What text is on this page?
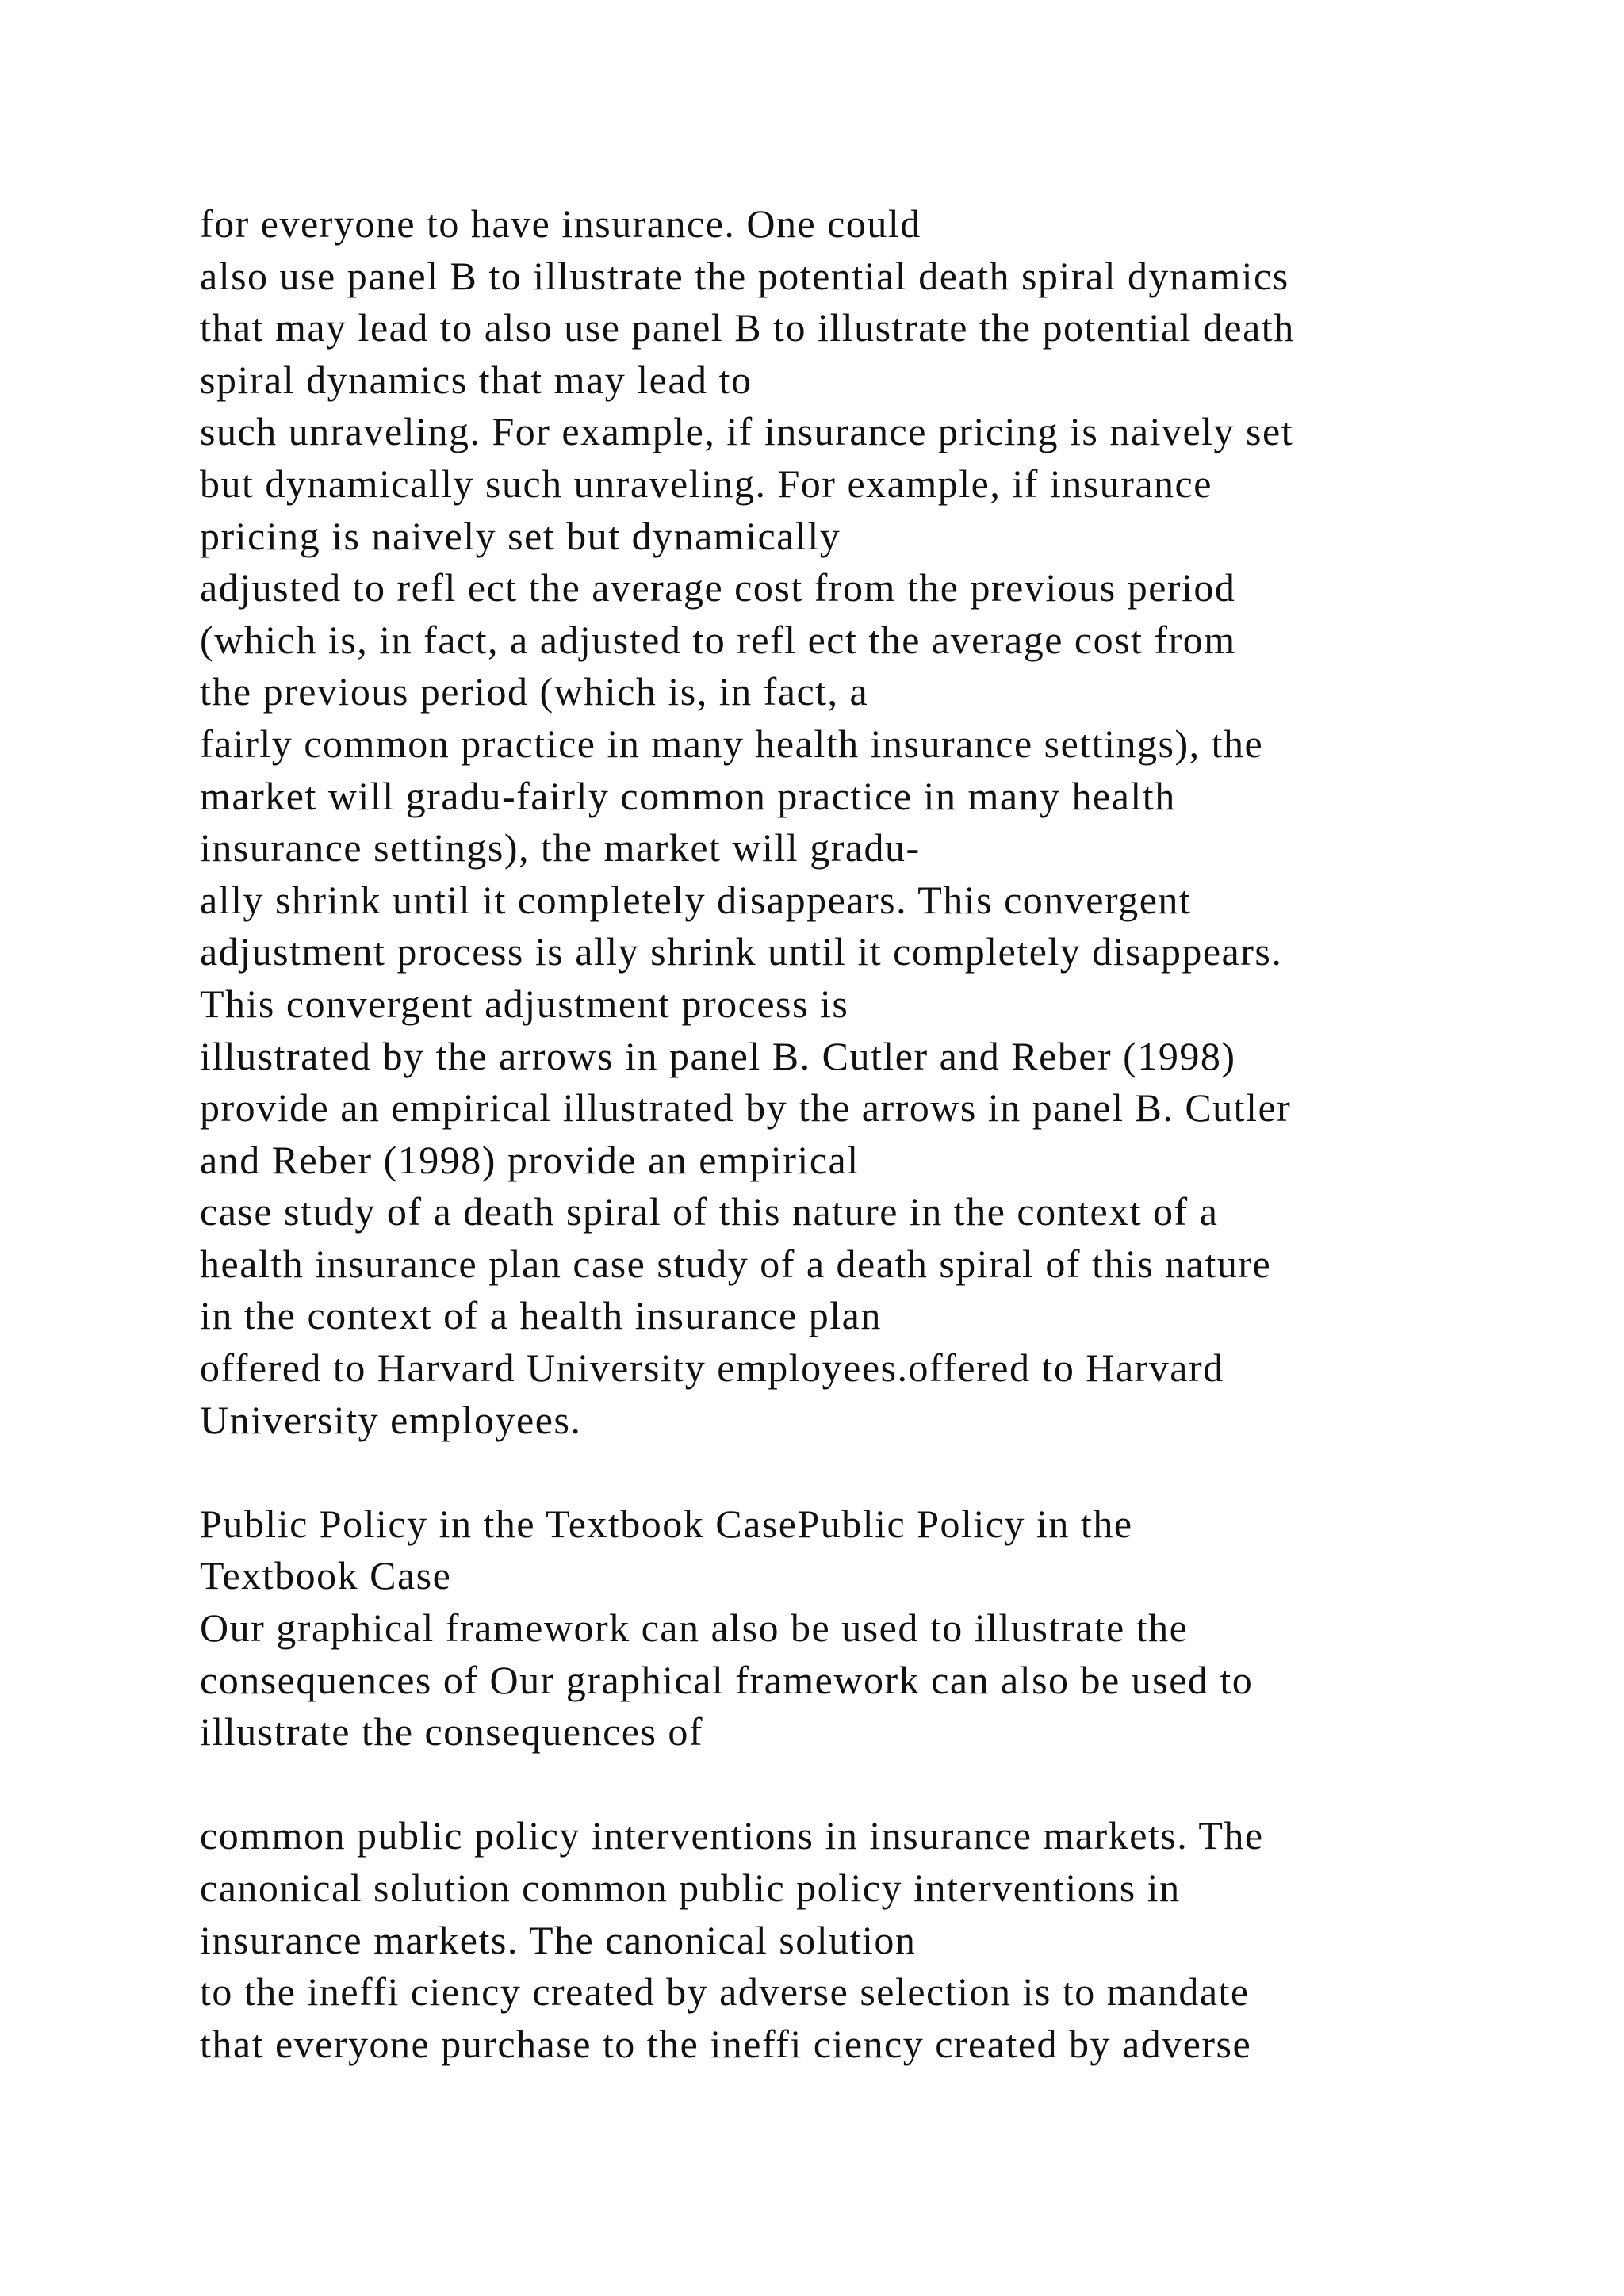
for everyone to have insurance. One could
also use panel B to illustrate the potential death spiral dynamics
that may lead to also use panel B to illustrate the potential death
spiral dynamics that may lead to
such unraveling. For example, if insurance pricing is naively set
but dynamically such unraveling. For example, if insurance
pricing is naively set but dynamically
adjusted to refl ect the average cost from the previous period
(which is, in fact, a adjusted to refl ect the average cost from
the previous period (which is, in fact, a
fairly common practice in many health insurance settings), the
market will gradu-fairly common practice in many health
insurance settings), the market will gradu-
ally shrink until it completely disappears. This convergent
adjustment process is ally shrink until it completely disappears.
This convergent adjustment process is
illustrated by the arrows in panel B. Cutler and Reber (1998)
provide an empirical illustrated by the arrows in panel B. Cutler
and Reber (1998) provide an empirical
case study of a death spiral of this nature in the context of a
health insurance plan case study of a death spiral of this nature
in the context of a health insurance plan
offered to Harvard University employees.offered to Harvard
University employees.
Public Policy in the Textbook CasePublic Policy in the
Textbook Case
Our graphical framework can also be used to illustrate the
consequences of Our graphical framework can also be used to
illustrate the consequences of
common public policy interventions in insurance markets. The
canonical solution common public policy interventions in
insurance markets. The canonical solution
to the ineffi ciency created by adverse selection is to mandate
that everyone purchase to the ineffi ciency created by adverse
